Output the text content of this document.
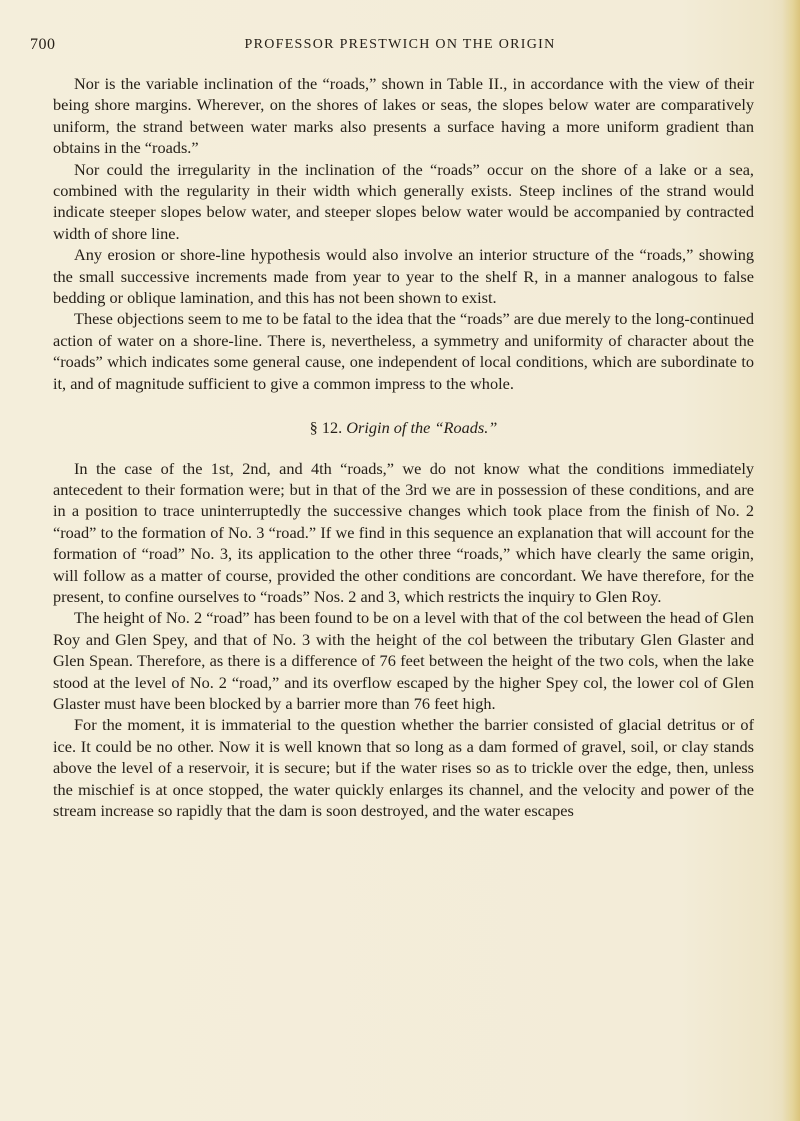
700	PROFESSOR PRESTWICH ON THE ORIGIN

Nor is the variable inclination of the “roads,” shown in Table II., in accordance with the view of their being shore margins. Wherever, on the shores of lakes or seas, the slopes below water are comparatively uniform, the strand between water marks also presents a surface having a more uniform gradient than obtains in the “roads.”

Nor could the irregularity in the inclination of the “roads” occur on the shore of a lake or a sea, combined with the regularity in their width which generally exists. Steep inclines of the strand would indicate steeper slopes below water, and steeper slopes below water would be accompanied by contracted width of shore line.

Any erosion or shore-line hypothesis would also involve an interior structure of the “roads,” showing the small successive increments made from year to year to the shelf R, in a manner analogous to false bedding or oblique lamination, and this has not been shown to exist.

These objections seem to me to be fatal to the idea that the “roads” are due merely to the long-continued action of water on a shore-line. There is, nevertheless, a symmetry and uniformity of character about the “roads” which indicates some general cause, one independent of local conditions, which are subordinate to it, and of magnitude sufficient to give a common impress to the whole.

§ 12. Origin of the “Roads.”

In the case of the 1st, 2nd, and 4th “roads,” we do not know what the conditions immediately antecedent to their formation were; but in that of the 3rd we are in possession of these conditions, and are in a position to trace uninterruptedly the successive changes which took place from the finish of No. 2 “road” to the formation of No. 3 “road.” If we find in this sequence an explanation that will account for the formation of “road” No. 3, its application to the other three “roads,” which have clearly the same origin, will follow as a matter of course, provided the other conditions are concordant. We have therefore, for the present, to confine ourselves to “roads” Nos. 2 and 3, which restricts the inquiry to Glen Roy.

The height of No. 2 “road” has been found to be on a level with that of the col between the head of Glen Roy and Glen Spey, and that of No. 3 with the height of the col between the tributary Glen Glaster and Glen Spean. Therefore, as there is a difference of 76 feet between the height of the two cols, when the lake stood at the level of No. 2 “road,” and its overflow escaped by the higher Spey col, the lower col of Glen Glaster must have been blocked by a barrier more than 76 feet high.

For the moment, it is immaterial to the question whether the barrier consisted of glacial detritus or of ice. It could be no other. Now it is well known that so long as a dam formed of gravel, soil, or clay stands above the level of a reservoir, it is secure; but if the water rises so as to trickle over the edge, then, unless the mischief is at once stopped, the water quickly enlarges its channel, and the velocity and power of the stream increase so rapidly that the dam is soon destroyed, and the water escapes
